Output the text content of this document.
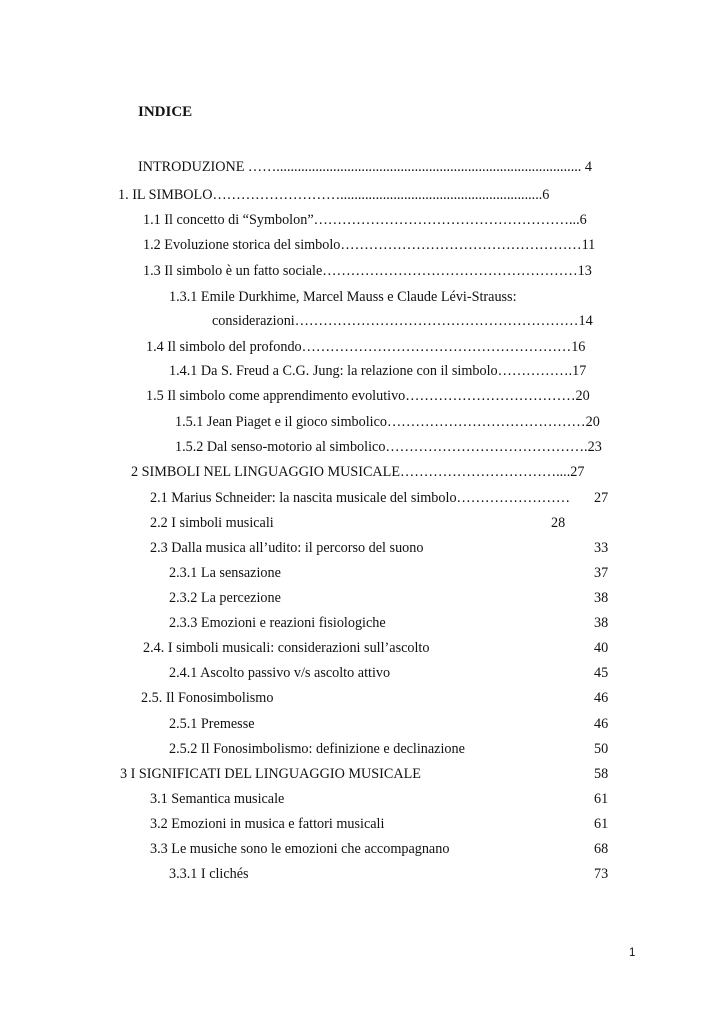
INDICE
INTRODUZIONE ……...................................................................................... 4
1. IL SIMBOLO……………………….........................................................6
1.1 Il concetto di “Symbolon”………………………………………………...6
1.2 Evoluzione storica del simbolo……………………………………………11
1.3 Il simbolo è un fatto sociale………………………………………………13
1.3.1 Emile Durkhime, Marcel Mauss e Claude Lévi-Strauss:
considerazioni……………………………………………………14
1.4 Il simbolo del profondo…………………………………………………16
1.4.1 Da S. Freud a C.G. Jung: la relazione con il simbolo…………….17
1.5 Il simbolo come apprendimento evolutivo………………………………20
1.5.1 Jean Piaget e il gioco simbolico……………………………………20
1.5.2 Dal senso-motorio al simbolico…………………………………….23
2 SIMBOLI NEL LINGUAGGIO MUSICALE……………………………....27
2.1 Marius Schneider: la nascita musicale del simbolo…………………… 27
2.2 I simboli musicali	28
2.3 Dalla musica all’udito: il percorso del suono	33
2.3.1 La sensazione	37
2.3.2 La percezione	38
2.3.3 Emozioni e reazioni fisiologiche	38
2.4. I simboli musicali: considerazioni sull’ascolto	40
2.4.1 Ascolto passivo v/s ascolto attivo	45
2.5. Il Fonosimbolismo	46
2.5.1 Premesse	46
2.5.2 Il Fonosimbolismo: definizione e declinazione	50
3 I SIGNIFICATI DEL LINGUAGGIO MUSICALE	58
3.1 Semantica musicale	61
3.2 Emozioni in musica e fattori musicali	61
3.3 Le musiche sono le emozioni che accompagnano	68
3.3.1 I clichés	73
1
